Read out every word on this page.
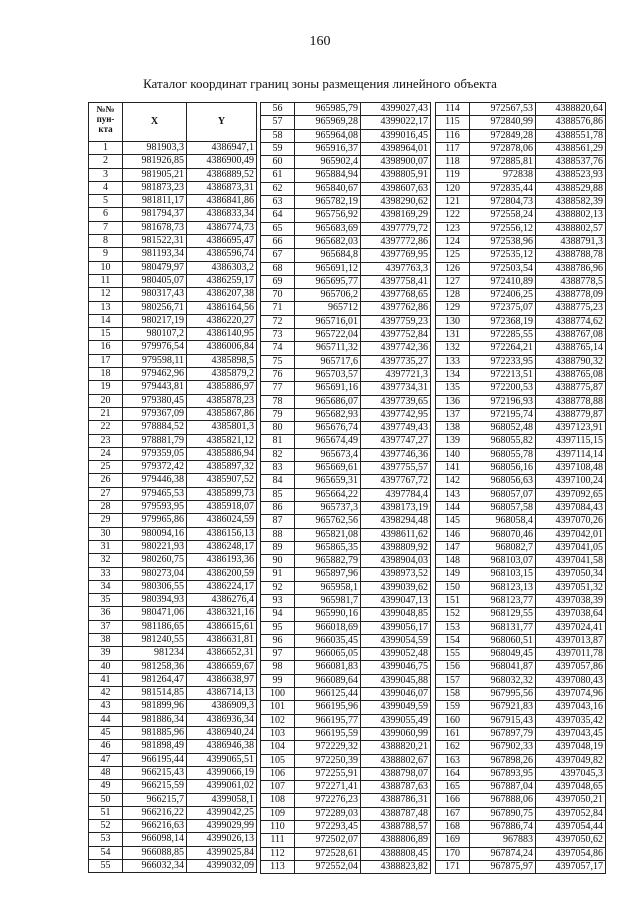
160
Каталог координат границ зоны размещения линейного объекта
№№
пун-
кта	X	Y
1	981903,3	4386947,1
2	981926,85	4386900,49
3	981905,21	4386889,52
4	981873,23	4386873,31
5	981811,17	4386841,86
6	981794,37	4386833,34
7	981678,73	4386774,73
8	981522,31	4386695,47
9	981193,34	4386596,74
10	980479,97	4386303,2
11	980405,07	4386259,17
12	980317,43	4386207,38
13	980256,71	4386164,56
14	980217,19	4386220,27
15	980107,2	4386140,95
16	979976,54	4386006,84
17	979598,11	4385898,5
18	979462,96	4385879,2
19	979443,81	4385886,97
20	979380,45	4385878,23
21	979367,09	4385867,86
22	978884,52	4385801,3
23	978881,79	4385821,12
24	979359,05	4385886,94
25	979372,42	4385897,32
26	979446,38	4385907,52
27	979465,53	4385899,73
28	979593,95	4385918,07
29	979965,86	4386024,59
30	980094,16	4386156,13
31	980221,93	4386248,17
32	980260,75	4386193,36
33	980273,04	4386200,59
34	980306,55	4386224,17
35	980394,93	4386276,4
36	980471,06	4386321,16
37	981186,65	4386615,61
38	981240,55	4386631,81
39	981234	4386652,31
40	981258,36	4386659,67
41	981264,47	4386638,97
42	981514,85	4386714,13
43	981899,96	4386909,3
44	981886,34	4386936,34
45	981885,96	4386940,24
46	981898,49	4386946,38
47	966195,44	4399065,51
48	966215,43	4399066,19
49	966215,59	4399061,02
50	966215,7	4399058,1
51	966216,22	4399042,25
52	966216,63	4399029,99
53	966098,14	4399026,13
54	966088,85	4399025,84
55	966032,34	4399032,09
56	965985,79	4399027,43
57	965969,28	4399022,17
58	965964,08	4399016,45
59	965916,37	4398964,01
60	965902,4	4398900,07
61	965884,94	4398805,91
62	965840,67	4398607,63
63	965782,19	4398290,62
64	965756,92	4398169,29
65	965683,69	4397779,72
66	965682,03	4397772,86
67	965684,8	4397769,95
68	965691,12	4397763,3
69	965695,77	4397758,41
70	965706,2	4397768,65
71	965712	4397762,86
72	965716,01	4397759,23
73	965722,04	4397752,84
74	965711,32	4397742,36
75	965717,6	4397735,27
76	965703,57	4397721,3
77	965691,16	4397734,31
78	965686,07	4397739,65
79	965682,93	4397742,95
80	965676,74	4397749,43
81	965674,49	4397747,27
82	965673,4	4397746,36
83	965669,61	4397755,57
84	965659,31	4397767,72
85	965664,22	4397784,4
86	965737,3	4398173,19
87	965762,56	4398294,48
88	965821,08	4398611,62
89	965865,35	4398809,92
90	965882,79	4398904,03
91	965897,96	4398973,52
92	965958,1	4399039,62
93	965981,7	4399047,13
94	965990,16	4399048,85
95	966018,69	4399056,17
96	966035,45	4399054,59
97	966065,05	4399052,48
98	966081,83	4399046,75
99	966089,64	4399045,88
100	966125,44	4399046,07
101	966195,96	4399049,59
102	966195,77	4399055,49
103	966195,59	4399060,99
104	972229,32	4388820,21
105	972250,39	4388802,67
106	972255,91	4388798,07
107	972271,41	4388787,63
108	972276,23	4388786,31
109	972289,03	4388787,48
110	972293,45	4388788,57
111	972502,07	4388806,89
112	972528,61	4388808,45
113	972552,04	4388823,82
114	972567,53	4388820,64
115	972840,99	4388576,86
116	972849,28	4388551,78
117	972878,06	4388561,29
118	972885,81	4388537,76
119	972838	4388523,93
120	972835,44	4388529,88
121	972804,73	4388582,39
122	972558,24	4388802,13
123	972556,12	4388802,57
124	972538,96	4388791,3
125	972535,12	4388788,78
126	972503,54	4388786,96
127	972410,89	4388778,5
128	972406,25	4388778,09
129	972375,07	4388775,23
130	972368,19	4388774,62
131	972285,55	4388767,08
132	972264,21	4388765,14
133	972233,95	4388790,32
134	972213,51	4388765,08
135	972200,53	4388775,87
136	972196,93	4388778,88
137	972195,74	4388779,87
138	968052,48	4397123,91
139	968055,82	4397115,15
140	968055,78	4397114,14
141	968056,16	4397108,48
142	968056,63	4397100,24
143	968057,07	4397092,65
144	968057,58	4397084,43
145	968058,4	4397070,26
146	968070,46	4397042,01
147	968082,7	4397041,05
148	968103,07	4397041,58
149	968103,15	4397050,34
150	968123,13	4397051,32
151	968123,77	4397038,39
152	968129,55	4397038,64
153	968131,77	4397024,41
154	968060,51	4397013,87
155	968049,45	4397011,78
156	968041,87	4397057,86
157	968032,32	4397080,43
158	967995,56	4397074,96
159	967921,83	4397043,16
160	967915,43	4397035,42
161	967897,79	4397043,45
162	967902,33	4397048,19
163	967898,26	4397049,82
164	967893,95	4397045,3
165	967887,04	4397048,65
166	967888,06	4397050,21
167	967890,75	4397052,84
168	967886,74	4397054,44
169	967883	4397050,62
170	967874,24	4397054,86
171	967875,97	4397057,17
